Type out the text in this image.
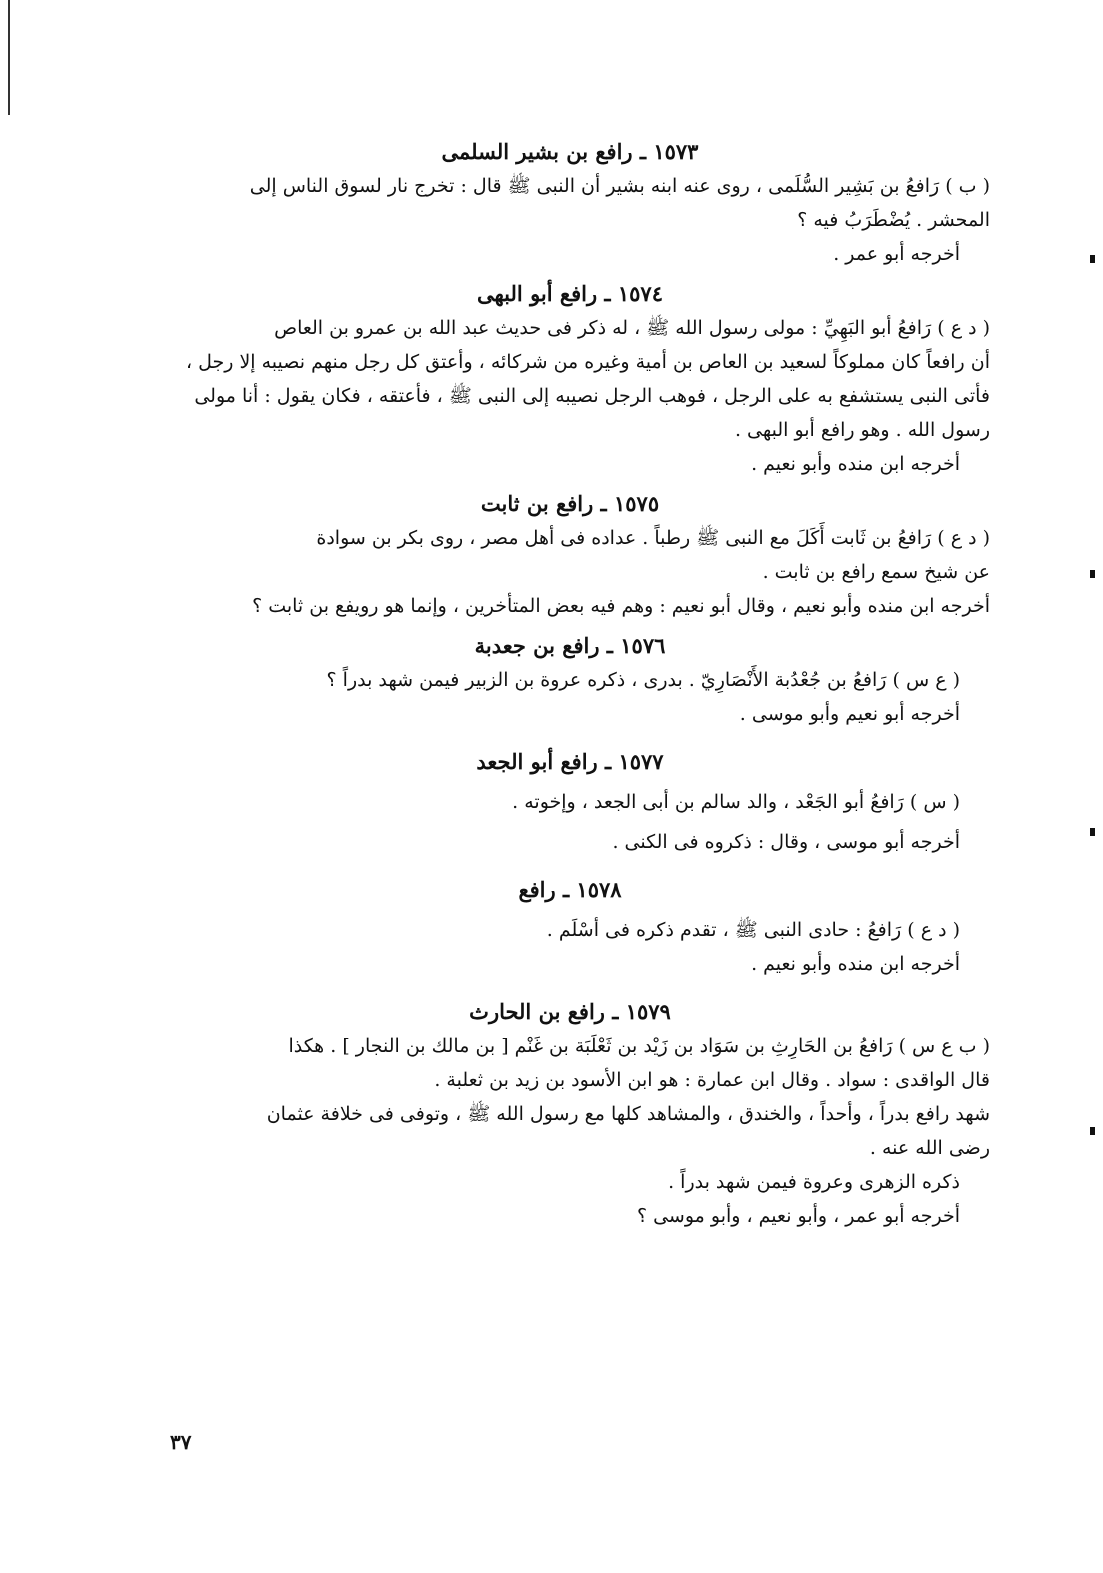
١٥٧٣ ـ رافع بن بشير السلمى

( ب ) رَافعُ بن بَشِير السُّلَمى ، روى عنه ابنه بشير أن النبى ﷺ قال : تخرج نار لسوق الناس إلى

المحشر . يُضْطَرَبُ فيه ؟

أخرجه أبو عمر .

١٥٧٤ ـ رافع أبو البهى

( د ع ) رَافعُ أبو البَهِيِّ : مولى رسول الله ﷺ ، له ذكر فى حديث عبد الله بن عمرو بن العاص

أن رافعاً كان مملوكاً لسعيد بن العاص بن أمية وغيره من شركائه ، وأعتق كل رجل منهم نصيبه إلا رجل ،

فأتى النبى يستشفع به على الرجل ، فوهب الرجل نصيبه إلى النبى ﷺ ، فأعتقه ، فكان يقول : أنا مولى

رسول الله . وهو رافع أبو البهى .

أخرجه ابن منده وأبو نعيم .

١٥٧٥ ـ رافع بن ثابت

( د ع ) رَافعُ بن ثَابت أَكَلَ مع النبى ﷺ رطباً . عداده فى أهل مصر ، روى بكر بن سوادة

عن شيخ سمع رافع بن ثابت .

أخرجه ابن منده وأبو نعيم ، وقال أبو نعيم : وهم فيه بعض المتأخرين ، وإنما هو رويفع بن ثابت ؟

١٥٧٦ ـ رافع بن جعدبة

( ع س ) رَافعُ بن جُعْدُبة الأَنْصَارِيّ . بدرى ، ذكره عروة بن الزبير فيمن شهد بدراً ؟

أخرجه أبو نعيم وأبو موسى .

١٥٧٧ ـ رافع أبو الجعد

( س ) رَافعُ أبو الجَعْد ، والد سالم بن أبى الجعد ، وإخوته .

أخرجه أبو موسى ، وقال : ذكروه فى الكنى .

١٥٧٨ ـ رافع

( د ع ) رَافعُ : حادى النبى ﷺ ، تقدم ذكره فى أسْلَم .

أخرجه ابن منده وأبو نعيم .

١٥٧٩ ـ رافع بن الحارث

( ب ع س ) رَافعُ بن الحَارِثِ بن سَوَاد بن زَيْد بن ثَعْلَبَة بن غَنْم [ بن مالك بن النجار ] . هكذا

قال الواقدى : سواد . وقال ابن عمارة : هو ابن الأسود بن زيد بن ثعلبة .

شهد رافع بدراً ، وأحداً ، والخندق ، والمشاهد كلها مع رسول الله ﷺ ، وتوفى فى خلافة عثمان

رضى الله عنه .

ذكره الزهرى وعروة فيمن شهد بدراً .

أخرجه أبو عمر ، وأبو نعيم ، وأبو موسى ؟

٣٧
